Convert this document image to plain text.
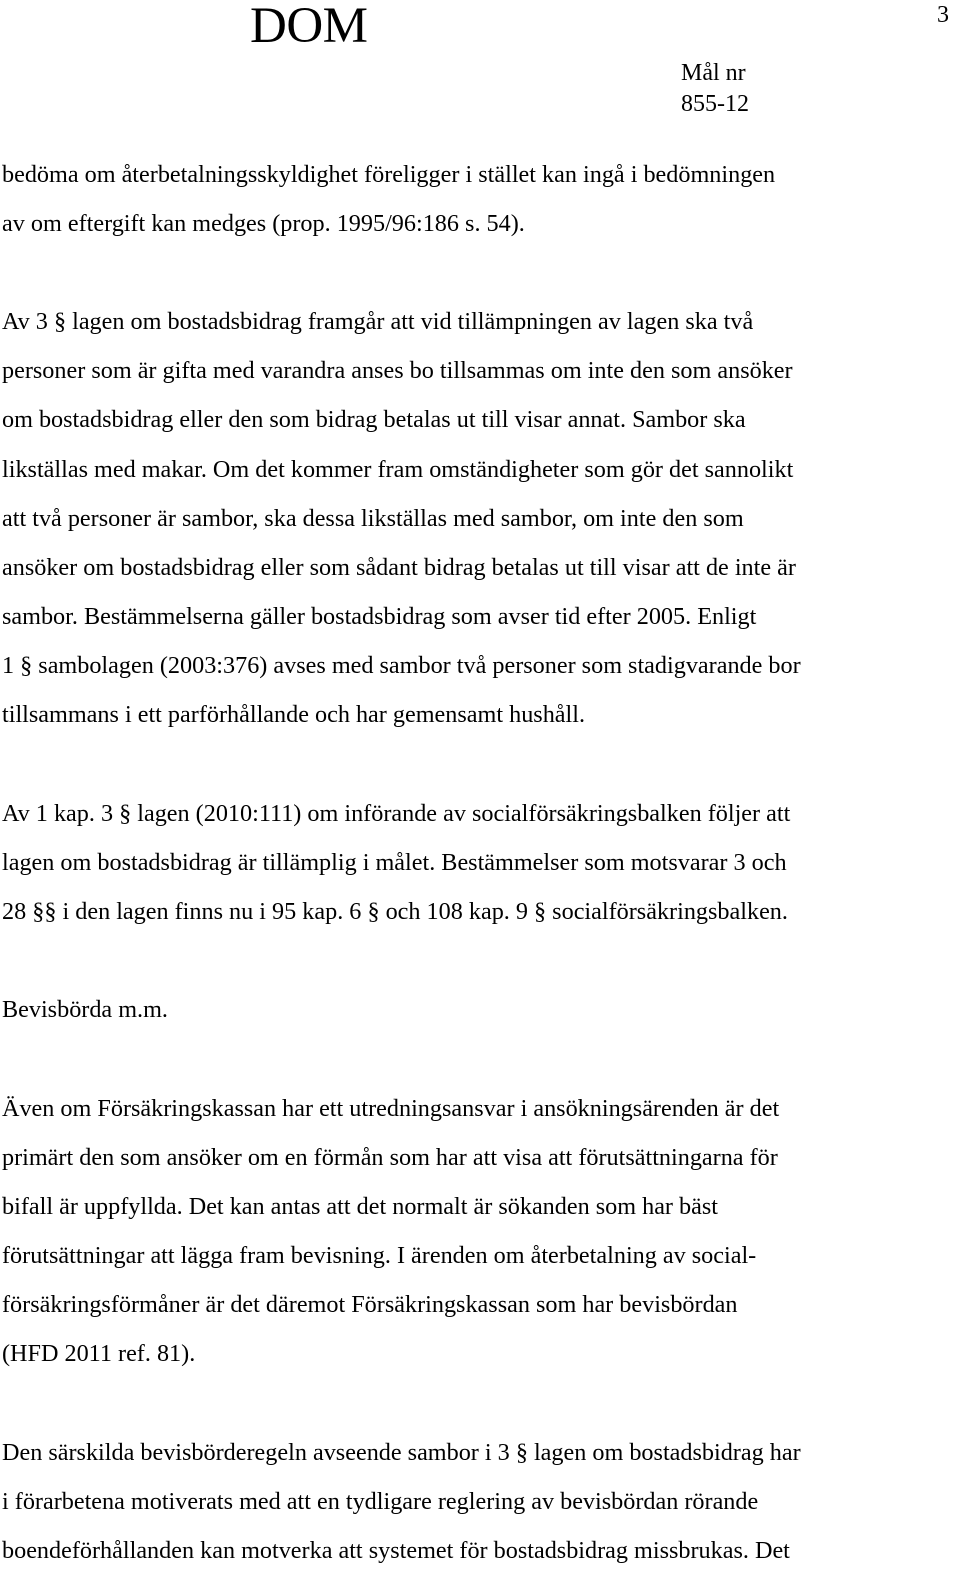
DOM	3
Mål nr
855-12

bedöma om återbetalningsskyldighet föreligger i stället kan ingå i bedömningen

av om eftergift kan medges (prop. 1995/96:186 s. 54).

Av 3 § lagen om bostadsbidrag framgår att vid tillämpningen av lagen ska två

personer som är gifta med varandra anses bo tillsammas om inte den som ansöker

om bostadsbidrag eller den som bidrag betalas ut till visar annat. Sambor ska

likställas med makar. Om det kommer fram omständigheter som gör det sannolikt

att två personer är sambor, ska dessa likställas med sambor, om inte den som

ansöker om bostadsbidrag eller som sådant bidrag betalas ut till visar att de inte är

sambor. Bestämmelserna gäller bostadsbidrag som avser tid efter 2005. Enligt

1 § sambolagen (2003:376) avses med sambor två personer som stadigvarande bor

tillsammans i ett parförhållande och har gemensamt hushåll.

Av 1 kap. 3 § lagen (2010:111) om införande av socialförsäkringsbalken följer att

lagen om bostadsbidrag är tillämplig i målet. Bestämmelser som motsvarar 3 och

28 §§ i den lagen finns nu i 95 kap. 6 § och 108 kap. 9 § socialförsäkringsbalken.

Bevisbörda m.m.

Även om Försäkringskassan har ett utredningsansvar i ansökningsärenden är det

primärt den som ansöker om en förmån som har att visa att förutsättningarna för

bifall är uppfyllda. Det kan antas att det normalt är sökanden som har bäst

förutsättningar att lägga fram bevisning. I ärenden om återbetalning av social-

försäkringsförmåner är det däremot Försäkringskassan som har bevisbördan

(HFD 2011 ref. 81).

Den särskilda bevisbörderegeln avseende sambor i 3 § lagen om bostadsbidrag har

i förarbetena motiverats med att en tydligare reglering av bevisbördan rörande

boendeförhållanden kan motverka att systemet för bostadsbidrag missbrukas. Det
